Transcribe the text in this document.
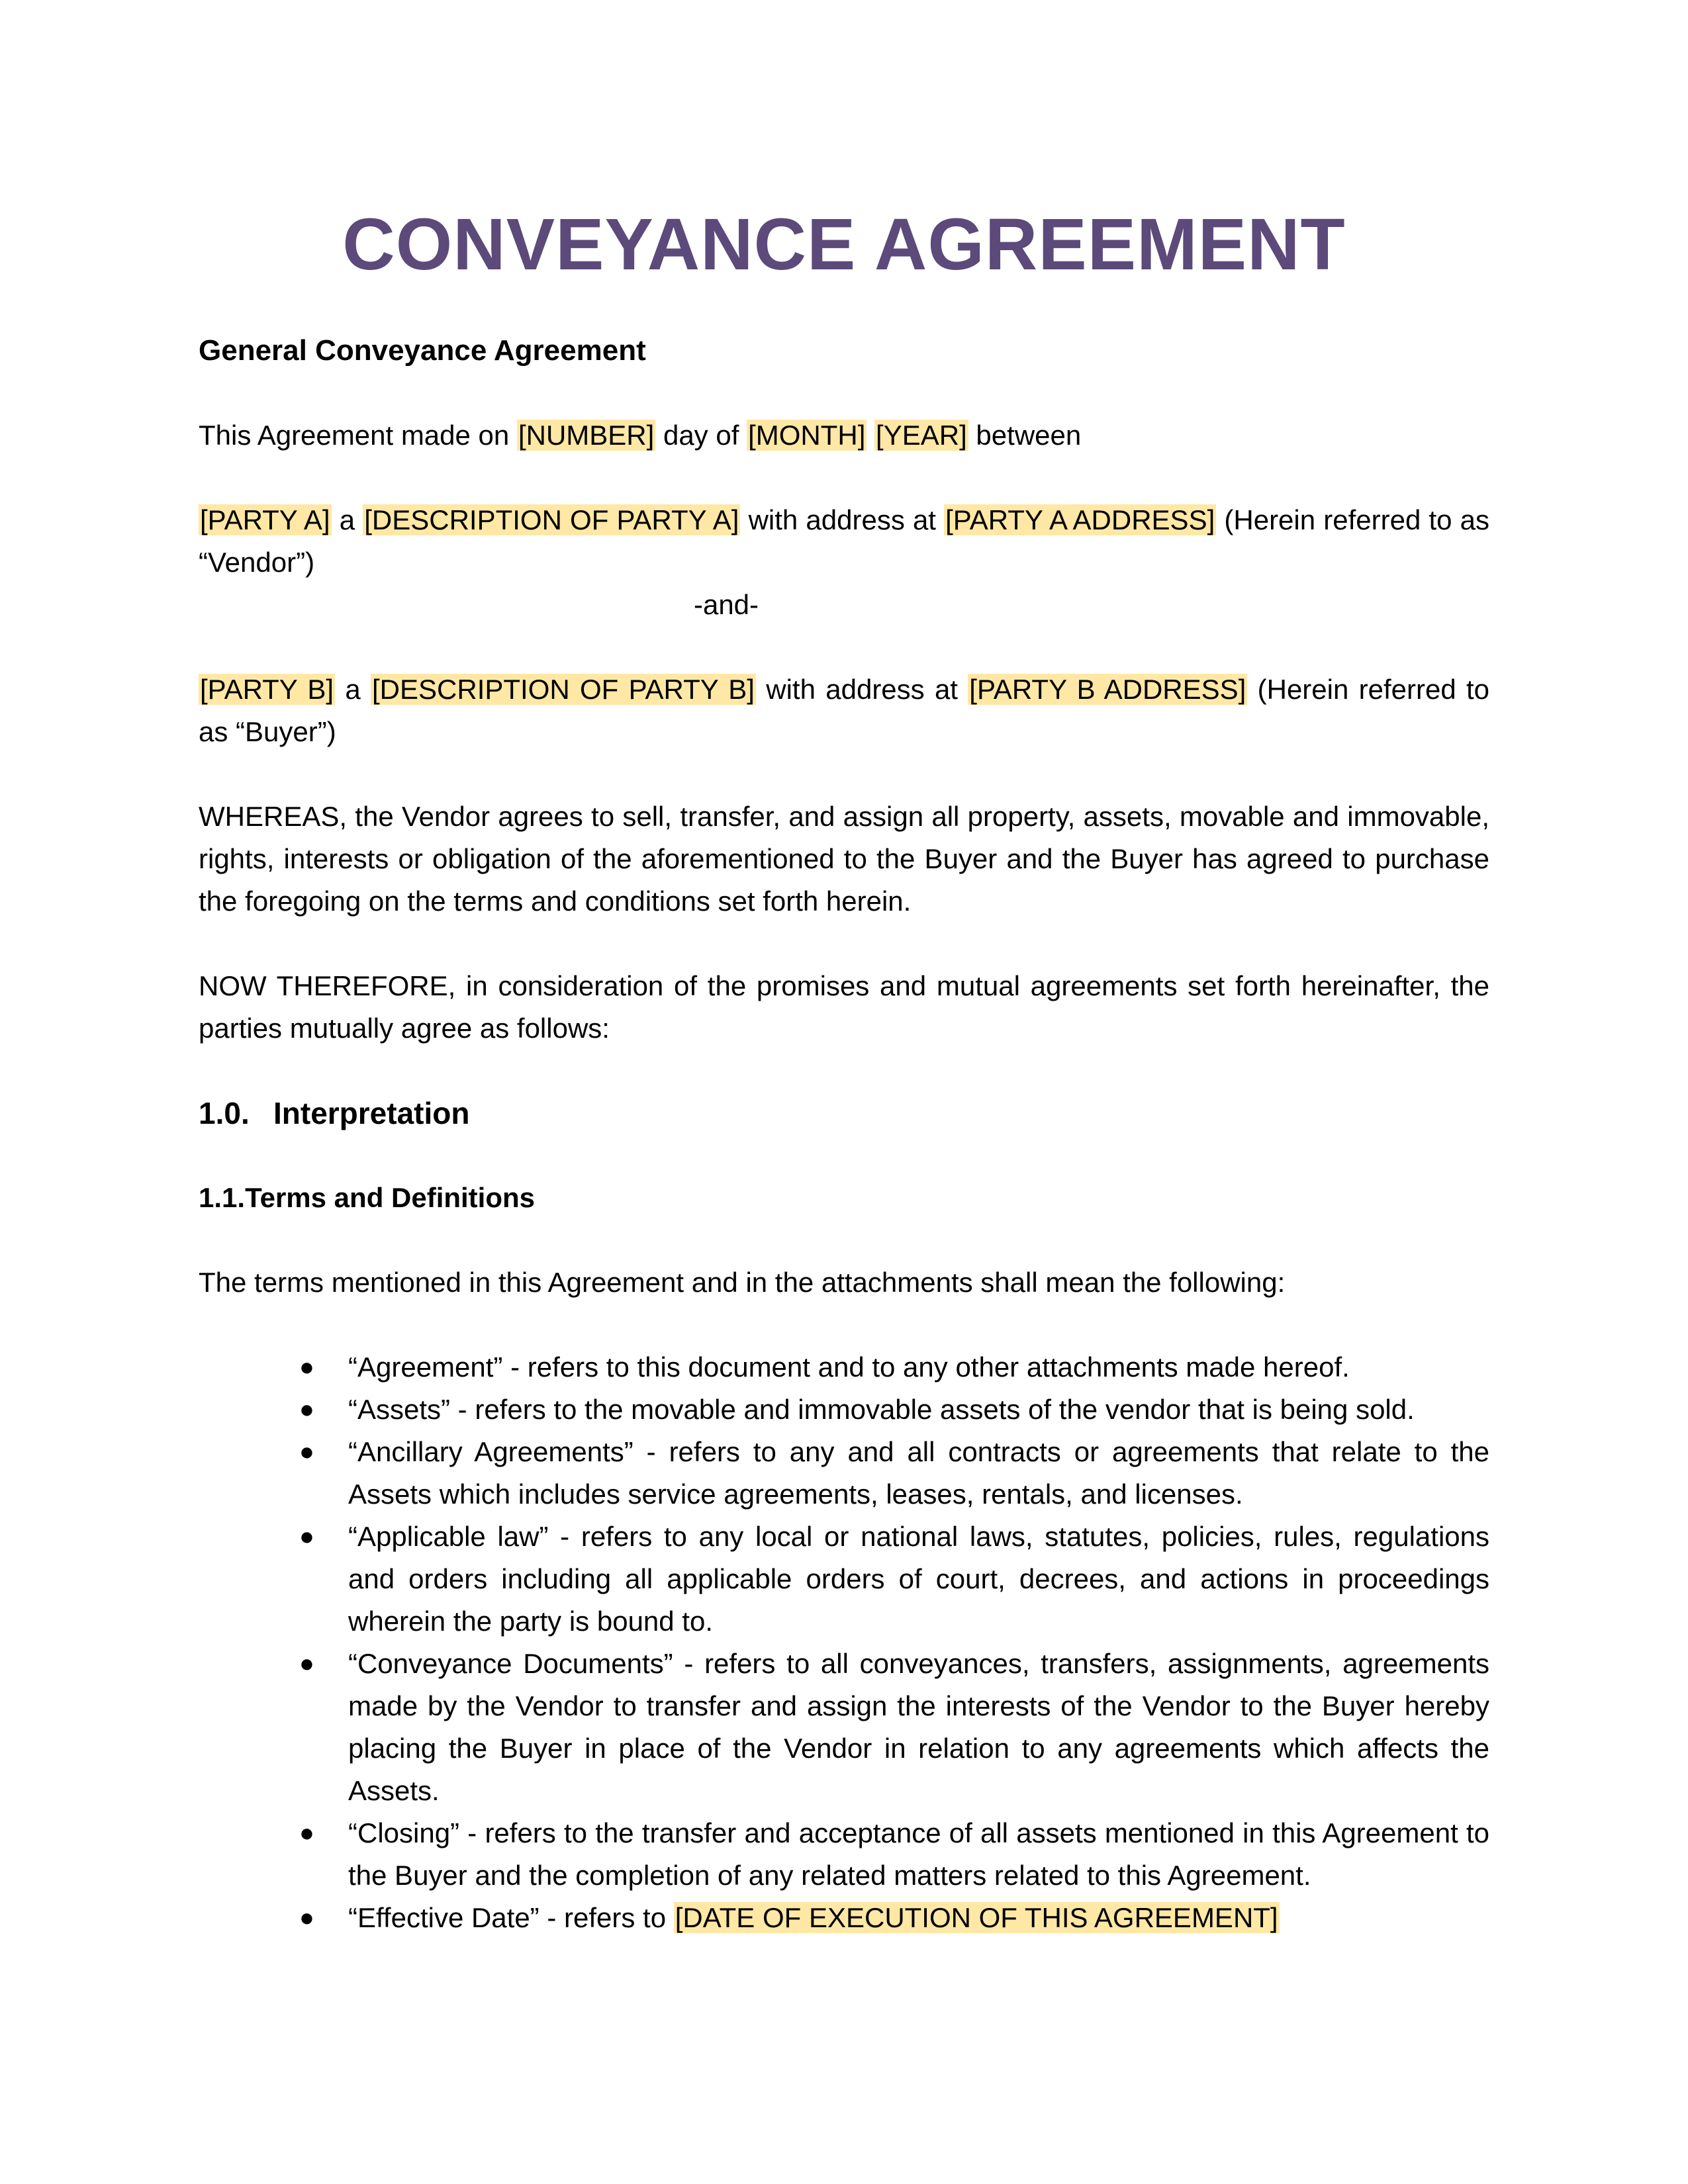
CONVEYANCE AGREEMENT
General Conveyance Agreement

This Agreement made on [NUMBER] day of [MONTH] [YEAR] between

[PARTY A] a [DESCRIPTION OF PARTY A] with address at [PARTY A ADDRESS] (Herein referred to as “Vendor”)

-and-

[PARTY B] a [DESCRIPTION OF PARTY B] with address at [PARTY B ADDRESS] (Herein referred to as “Buyer”)

WHEREAS, the Vendor agrees to sell, transfer, and assign all property, assets, movable and immovable, rights, interests or obligation of the aforementioned to the Buyer and the Buyer has agreed to purchase the foregoing on the terms and conditions set forth herein.

NOW THEREFORE, in consideration of the promises and mutual agreements set forth hereinafter, the parties mutually agree as follows:

1.0. Interpretation
1.1.Terms and Definitions

The terms mentioned in this Agreement and in the attachments shall mean the following:

● “Agreement” - refers to this document and to any other attachments made hereof.
● “Assets” - refers to the movable and immovable assets of the vendor that is being sold.
● “Ancillary Agreements” - refers to any and all contracts or agreements that relate to the Assets which includes service agreements, leases, rentals, and licenses.
● “Applicable law” - refers to any local or national laws, statutes, policies, rules, regulations and orders including all applicable orders of court, decrees, and actions in proceedings wherein the party is bound to.
● “Conveyance Documents” - refers to all conveyances, transfers, assignments, agreements made by the Vendor to transfer and assign the interests of the Vendor to the Buyer hereby placing the Buyer in place of the Vendor in relation to any agreements which affects the Assets.
● “Closing” - refers to the transfer and acceptance of all assets mentioned in this Agreement to the Buyer and the completion of any related matters related to this Agreement.
● “Effective Date” - refers to [DATE OF EXECUTION OF THIS AGREEMENT]
